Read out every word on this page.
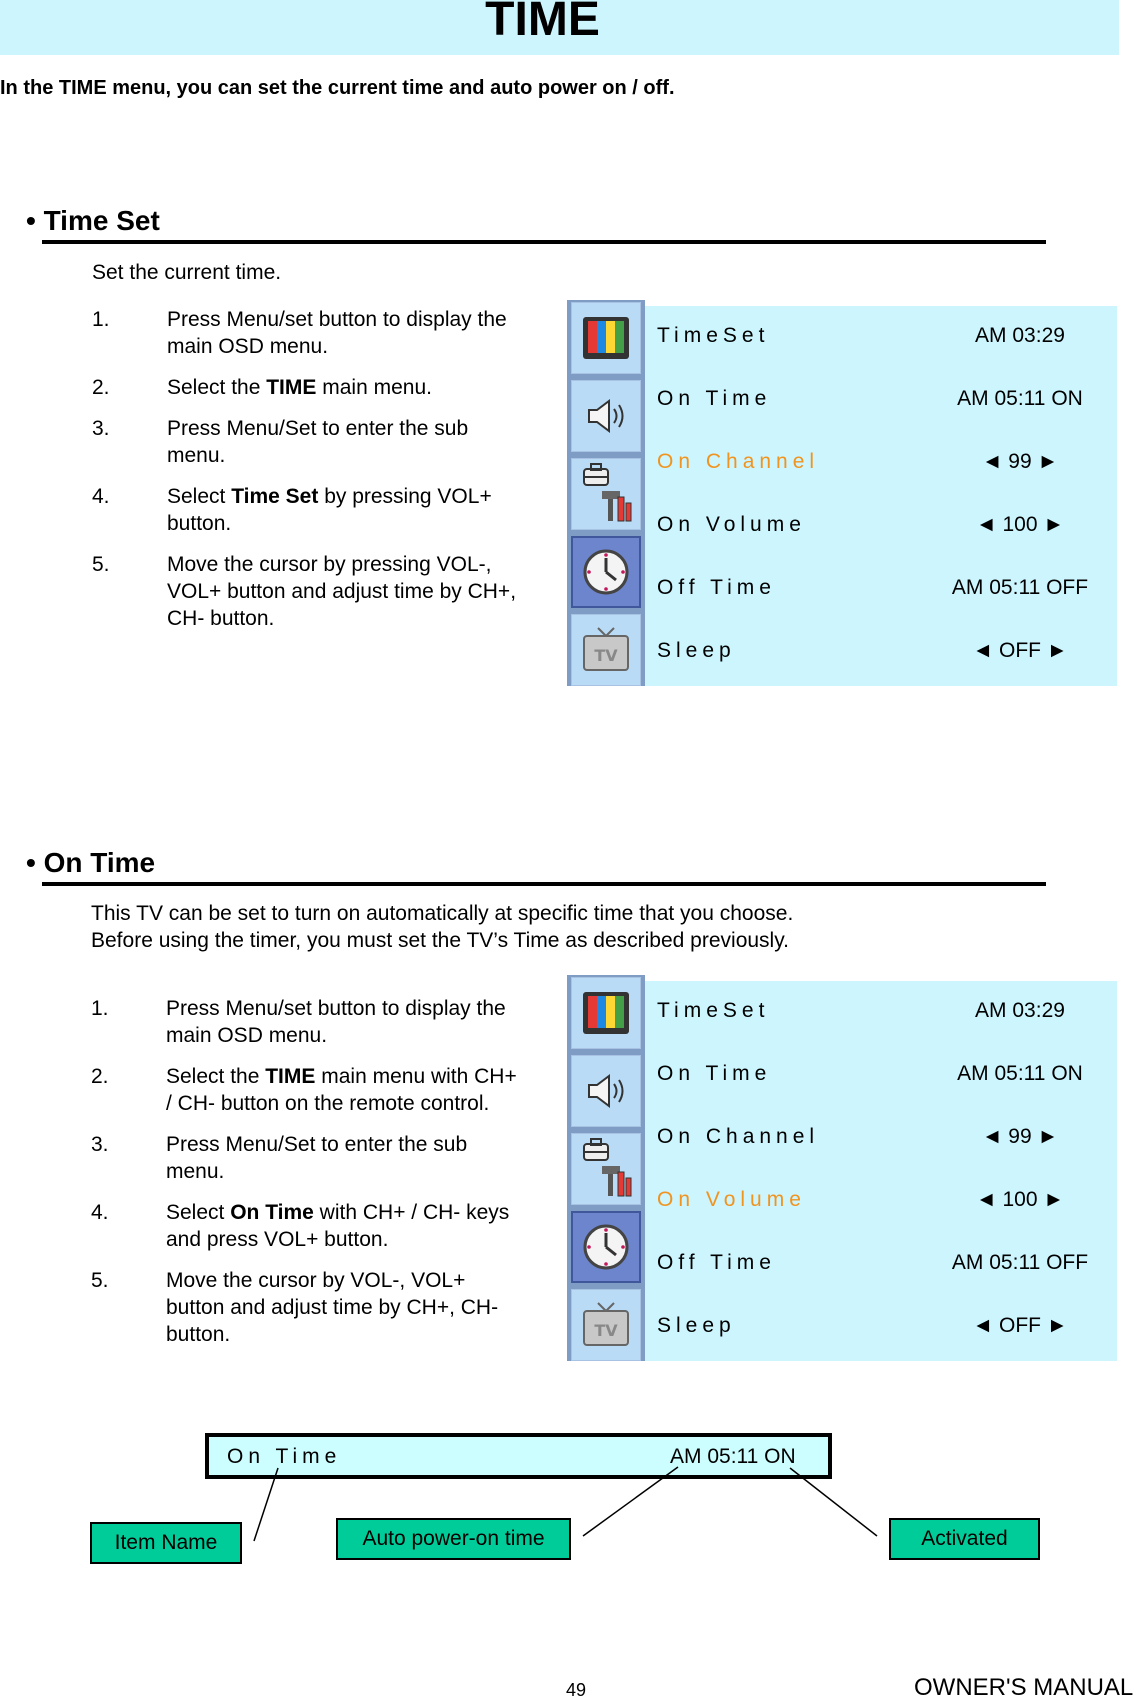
TIME
In the TIME menu, you can set the current time and auto power on / off.
• Time Set
Set the current time.
1.	Press Menu/set button to display the main OSD menu.
2.	Select the TIME main menu.
3.	Press Menu/Set to enter the sub menu.
4.	Select Time Set by pressing VOL+ button.
5.	Move the cursor by pressing VOL-, VOL+ button and adjust time by CH+, CH- button.
TV
TimeSet	AM 03:29
On Time	AM 05:11 ON
On Channel	◄ 99 ►
On Volume	◄ 100 ►
Off Time	AM 05:11 OFF
Sleep	◄ OFF ►
• On Time
This TV can be set to turn on automatically at specific time that you choose.
Before using the timer, you must set the TV’s Time as described previously.
1.	Press Menu/set button to display the main OSD menu.
2.	Select the TIME main menu with CH+ / CH- button on the remote control.
3.	Press Menu/Set to enter the sub menu.
4.	Select On Time with CH+ / CH- keys and press VOL+ button.
5.	Move the cursor by VOL-, VOL+ button and adjust time by CH+, CH- button.	TV
TimeSet	AM 03:29
On Time	AM 05:11 ON
On Channel	◄ 99 ►
On Volume	◄ 100 ►
Off Time	AM 05:11 OFF
Sleep	◄ OFF ►
On Time	AM 05:11 ON
Item Name	Auto power-on time	Activated
49	OWNER'S MANUAL
